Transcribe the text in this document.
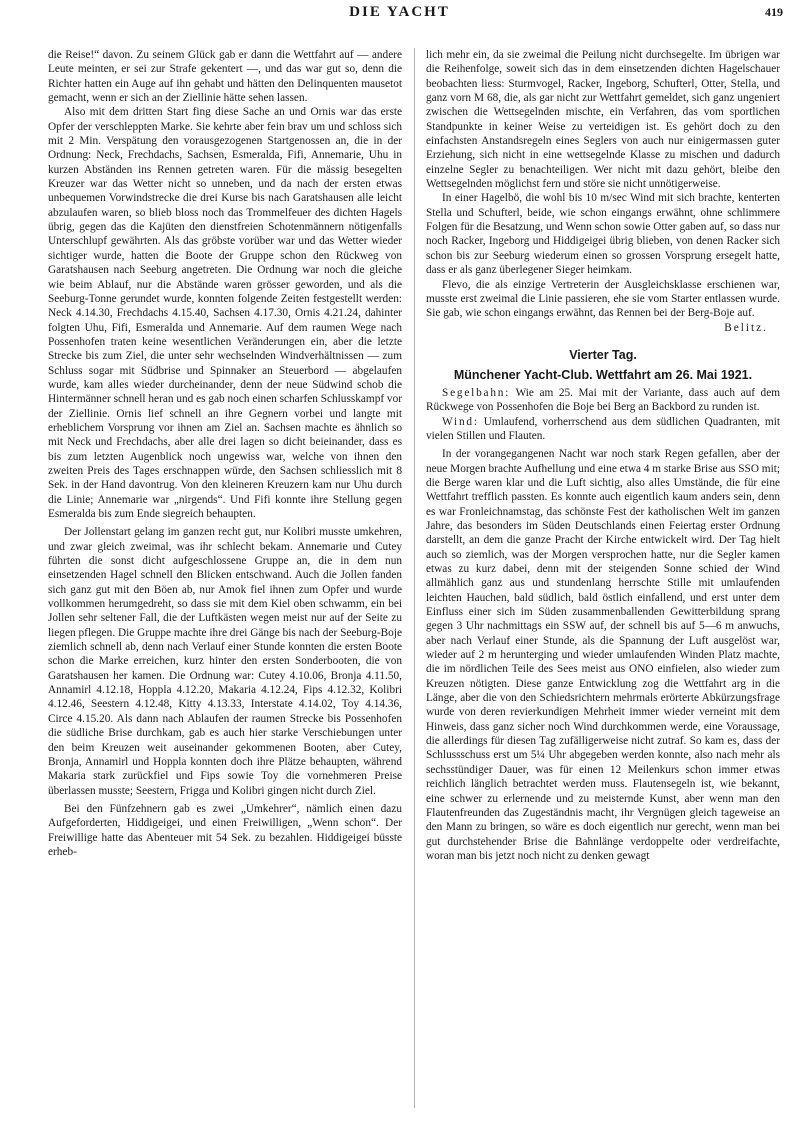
DIE YACHT	419

die Reise!“ davon. Zu seinem Glück gab er dann die Wettfahrt auf — andere Leute meinten, er sei zur Strafe gekentert —, und das war gut so, denn die Richter hatten ein Auge auf ihn gehabt und hätten den Delinquenten mausetot gemacht, wenn er sich an der Ziellinie hätte sehen lassen.

Also mit dem dritten Start fing diese Sache an und Ornis war das erste Opfer der verschleppten Marke. Sie kehrte aber fein brav um und schloss sich mit 2 Min. Verspätung den vorausgezogenen Startgenossen an, die in der Ordnung: Neck, Frechdachs, Sachsen, Esmeralda, Fifi, Annemarie, Uhu in kurzen Abständen ins Rennen getreten waren. Für die mässig besegelten Kreuzer war das Wetter nicht so unneben, und da nach der ersten etwas unbequemen Vorwindstrecke die drei Kurse bis nach Garatshausen alle leicht abzulaufen waren, so blieb bloss noch das Trommelfeuer des dichten Hagels übrig, gegen das die Kajüten den dienstfreien Schotenmännern nötigenfalls Unterschlupf gewährten. Als das gröbste vorüber war und das Wetter wieder sichtiger wurde, hatten die Boote der Gruppe schon den Rückweg von Garatshausen nach Seeburg angetreten. Die Ordnung war noch die gleiche wie beim Ablauf, nur die Abstände waren grösser geworden, und als die Seeburg-Tonne gerundet wurde, konnten folgende Zeiten festgestellt werden: Neck 4.14.30, Frechdachs 4.15.40, Sachsen 4.17.30, Ornis 4.21.24, dahinter folgten Uhu, Fifi, Esmeralda und Annemarie. Auf dem raumen Wege nach Possenhofen traten keine wesentlichen Veränderungen ein, aber die letzte Strecke bis zum Ziel, die unter sehr wechselnden Windverhältnissen — zum Schluss sogar mit Südbrise und Spinnaker an Steuerbord — abgelaufen wurde, kam alles wieder durcheinander, denn der neue Südwind schob die Hintermänner schnell heran und es gab noch einen scharfen Schlusskampf vor der Ziellinie. Ornis lief schnell an ihre Gegnern vorbei und langte mit erheblichem Vorsprung vor ihnen am Ziel an. Sachsen machte es ähnlich so mit Neck und Frechdachs, aber alle drei lagen so dicht beieinander, dass es bis zum letzten Augenblick noch ungewiss war, welche von ihnen den zweiten Preis des Tages erschnappen würde, den Sachsen schliesslich mit 8 Sek. in der Hand davontrug. Von den kleineren Kreuzern kam nur Uhu durch die Linie; Annemarie war „nirgends“. Und Fifi konnte ihre Stellung gegen Esmeralda bis zum Ende siegreich behaupten.

Der Jollenstart gelang im ganzen recht gut, nur Kolibri musste umkehren, und zwar gleich zweimal, was ihr schlecht bekam. Annemarie und Cutey führten die sonst dicht aufgeschlossene Gruppe an, die in dem nun einsetzenden Hagel schnell den Blicken entschwand. Auch die Jollen fanden sich ganz gut mit den Böen ab, nur Amok fiel ihnen zum Opfer und wurde vollkommen herumgedreht, so dass sie mit dem Kiel oben schwamm, ein bei Jollen sehr seltener Fall, die der Luftkästen wegen meist nur auf der Seite zu liegen pflegen. Die Gruppe machte ihre drei Gänge bis nach der Seeburg-Boje ziemlich schnell ab, denn nach Verlauf einer Stunde konnten die ersten Boote schon die Marke erreichen, kurz hinter den ersten Sonderbooten, die von Garatshausen her kamen. Die Ordnung war: Cutey 4.10.06, Bronja 4.11.50, Annamirl 4.12.18, Hoppla 4.12.20, Makaria 4.12.24, Fips 4.12.32, Kolibri 4.12.46, Seestern 4.12.48, Kitty 4.13.33, Interstate 4.14.02, Toy 4.14.36, Circe 4.15.20. Als dann nach Ablaufen der raumen Strecke bis Possenhofen die südliche Brise durchkam, gab es auch hier starke Verschiebungen unter den beim Kreuzen weit auseinander gekommenen Booten, aber Cutey, Bronja, Annamirl und Hoppla konnten doch ihre Plätze behaupten, während Makaria stark zurückfiel und Fips sowie Toy die vornehmeren Preise überlassen musste; Seestern, Frigga und Kolibri gingen nicht durch Ziel.

Bei den Fünfzehnern gab es zwei „Umkehrer“, nämlich einen dazu Aufgeforderten, Hiddigeigei, und einen Freiwilligen, „Wenn schon“. Der Freiwillige hatte das Abenteuer mit 54 Sek. zu bezahlen. Hiddigeigei büsste erheb-

lich mehr ein, da sie zweimal die Peilung nicht durchsegelte. Im übrigen war die Reihenfolge, soweit sich das in dem einsetzenden dichten Hagelschauer beobachten liess: Sturmvogel, Racker, Ingeborg, Schufterl, Otter, Stella, und ganz vorn M 68, die, als gar nicht zur Wettfahrt gemeldet, sich ganz ungeniert zwischen die Wettsegelnden mischte, ein Verfahren, das vom sportlichen Standpunkte in keiner Weise zu verteidigen ist. Es gehört doch zu den einfachsten Anstandsregeln eines Seglers von auch nur einigermassen guter Erziehung, sich nicht in eine wettsegelnde Klasse zu mischen und dadurch einzelne Segler zu benachteiligen. Wer nicht mit dazu gehört, bleibe den Wettsegelnden möglichst fern und störe sie nicht unnötigerweise.

In einer Hagelbö, die wohl bis 10 m/sec Wind mit sich brachte, kenterten Stella und Schufterl, beide, wie schon eingangs erwähnt, ohne schlimmere Folgen für die Besatzung, und Wenn schon sowie Otter gaben auf, so dass nur noch Racker, Ingeborg und Hiddigeigei übrig blieben, von denen Racker sich schon bis zur Seeburg wiederum einen so grossen Vorsprung ersegelt hatte, dass er als ganz überlegener Sieger heimkam.

Flevo, die als einzige Vertreterin der Ausgleichsklasse erschienen war, musste erst zweimal die Linie passieren, ehe sie vom Starter entlassen wurde. Sie gab, wie schon eingangs erwähnt, das Rennen bei der Berg-Boje auf.

Belitz.

Vierter Tag.
Münchener Yacht-Club. Wettfahrt am 26. Mai 1921.

Segelbahn: Wie am 25. Mai mit der Variante, dass auch auf dem Rückwege von Possenhofen die Boje bei Berg an Backbord zu runden ist.

Wind: Umlaufend, vorherrschend aus dem südlichen Quadranten, mit vielen Stillen und Flauten.

In der vorangegangenen Nacht war noch stark Regen gefallen, aber der neue Morgen brachte Aufhellung und eine etwa 4 m starke Brise aus SSO mit; die Berge waren klar und die Luft sichtig, also alles Umstände, die für eine Wettfahrt trefflich passten. Es konnte auch eigentlich kaum anders sein, denn es war Fronleichnamstag, das schönste Fest der katholischen Welt im ganzen Jahre, das besonders im Süden Deutschlands einen Feiertag erster Ordnung darstellt, an dem die ganze Pracht der Kirche entwickelt wird. Der Tag hielt auch so ziemlich, was der Morgen versprochen hatte, nur die Segler kamen etwas zu kurz dabei, denn mit der steigenden Sonne schied der Wind allmählich ganz aus und stundenlang herrschte Stille mit umlaufenden leichten Hauchen, bald südlich, bald östlich einfallend, und erst unter dem Einfluss einer sich im Süden zusammenballenden Gewitterbildung sprang gegen 3 Uhr nachmittags ein SSW auf, der schnell bis auf 5—6 m anwuchs, aber nach Verlauf einer Stunde, als die Spannung der Luft ausgelöst war, wieder auf 2 m herunterging und wieder umlaufenden Winden Platz machte, die im nördlichen Teile des Sees meist aus ONO einfielen, also wieder zum Kreuzen nötigten. Diese ganze Entwicklung zog die Wettfahrt arg in die Länge, aber die von den Schiedsrichtern mehrmals erörterte Abkürzungsfrage wurde von deren revierkundigen Mehrheit immer wieder verneint mit dem Hinweis, dass ganz sicher noch Wind durchkommen werde, eine Voraussage, die allerdings für diesen Tag zufälligerweise nicht zutraf. So kam es, dass der Schlussschuss erst um 5¼ Uhr abgegeben werden konnte, also nach mehr als sechsstündiger Dauer, was für einen 12 Meilenkurs schon immer etwas reichlich länglich betrachtet werden muss. Flautensegeln ist, wie bekannt, eine schwer zu erlernende und zu meisternde Kunst, aber wenn man den Flautenfreunden das Zugeständnis macht, ihr Vergnügen gleich tageweise an den Mann zu bringen, so wäre es doch eigentlich nur gerecht, wenn man bei gut durchstehender Brise die Bahnlänge verdoppelte oder verdreifachte, woran man bis jetzt noch nicht zu denken gewagt
